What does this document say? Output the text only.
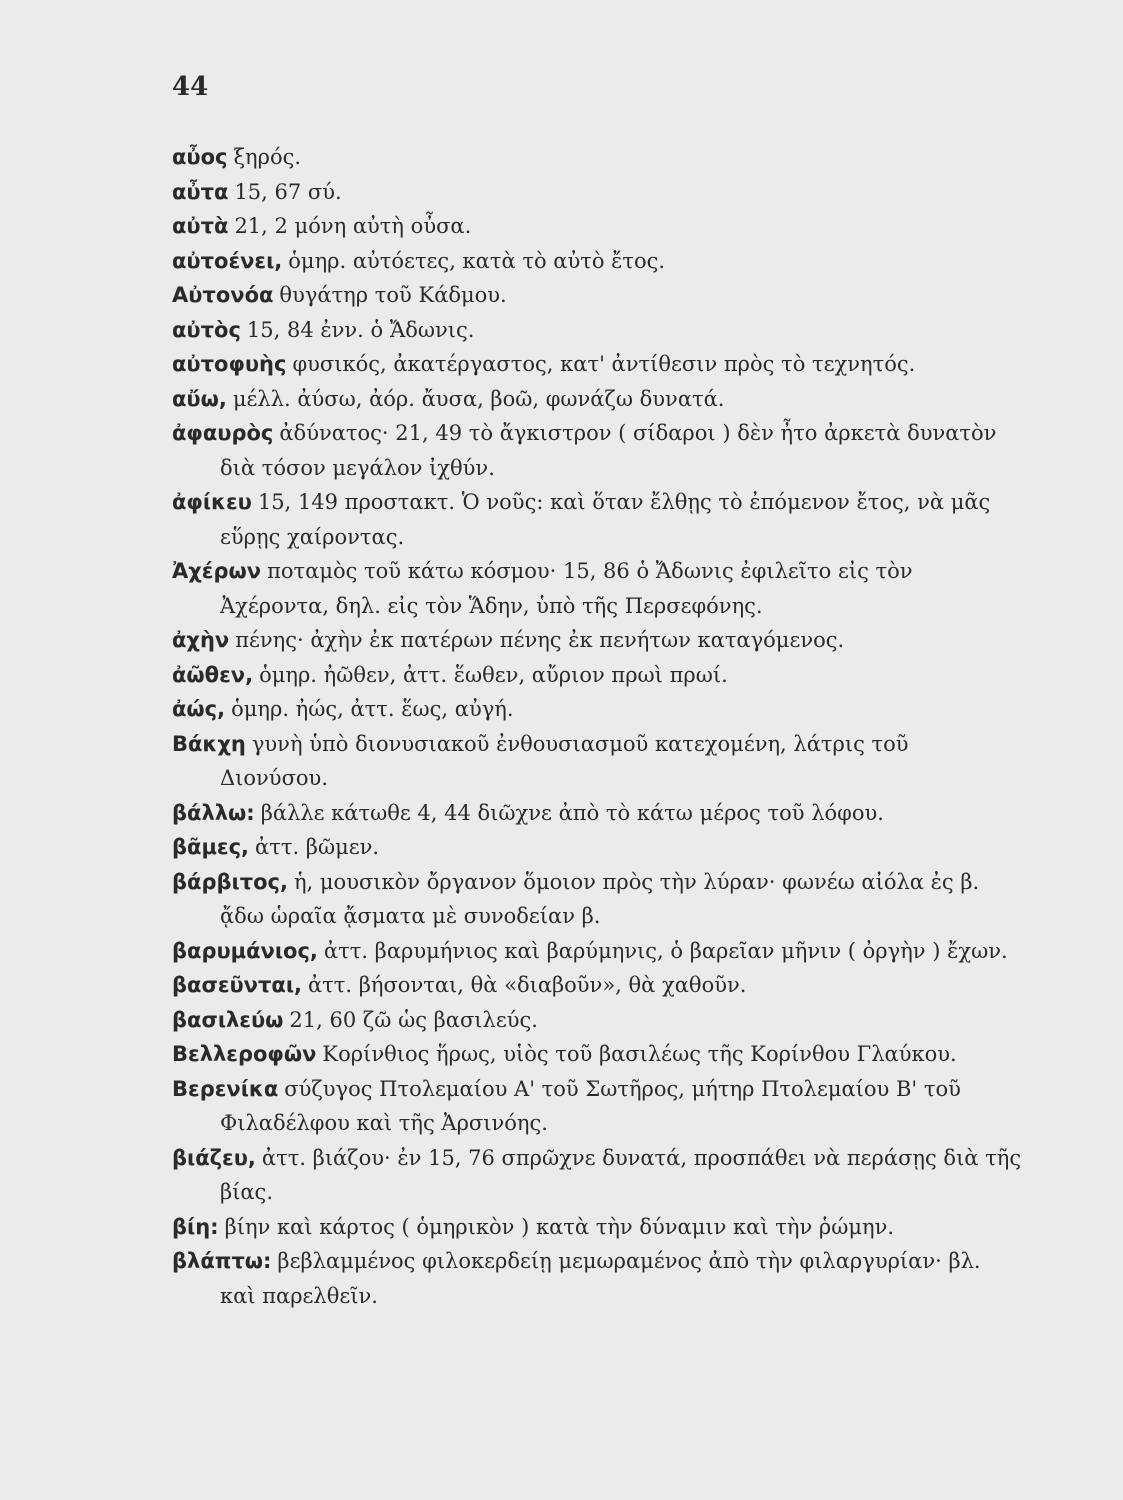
44

αὖος ξηρός.

αὖτα 15, 67 σύ.

αὐτὰ 21, 2 μόνη αὐτὴ οὖσα.

αὐτοένει, ὁμηρ. αὐτόετες, κατὰ τὸ αὐτὸ ἔτος.

Αὐτονόα θυγάτηρ τοῦ Κάδμου.

αὐτὸς 15, 84 ἐνν. ὁ Ἄδωνις.

αὐτοφυὴς φυσικός, ἀκατέργαστος, κατ' ἀντίθεσιν πρὸς τὸ τεχνητός.

αὔω, μέλλ. ἀύσω, ἀόρ. ἄυσα, βοῶ, φωνάζω δυνατά.

ἀφαυρὸς ἀδύνατος· 21, 49 τὸ ἄγκιστρον ( σίδαροι ) δὲν ἦτο ἀρκετὰ δυνατὸν διὰ τόσον μεγάλον ἰχθύν.

ἀφίκευ 15, 149 προστακτ. Ὁ νοῦς: καὶ ὅταν ἔλθῃς τὸ ἐπόμενον ἔτος, νὰ μᾶς εὕρῃς χαίροντας.

Ἀχέρων ποταμὸς τοῦ κάτω κόσμου· 15, 86 ὁ Ἄδωνις ἐφιλεῖτο εἰς τὸν Ἀχέροντα, δηλ. εἰς τὸν Ἅδην, ὑπὸ τῆς Περσεφόνης.

ἀχὴν πένης· ἀχὴν ἐκ πατέρων πένης ἐκ πενήτων καταγόμενος.

ἀῶθεν, ὁμηρ. ἠῶθεν, ἀττ. ἕωθεν, αὔριον πρωὶ πρωί.

ἀώς, ὁμηρ. ἠώς, ἀττ. ἕως, αὐγή.

Βάκχη γυνὴ ὑπὸ διονυσιακοῦ ἐνθουσιασμοῦ κατεχομένη, λάτρις τοῦ Διονύσου.

βάλλω: βάλλε κάτωθε 4, 44 διῶχνε ἀπὸ τὸ κάτω μέρος τοῦ λόφου.

βᾶμες, ἀττ. βῶμεν.

βάρβιτος, ἡ, μουσικὸν ὄργανον ὅμοιον πρὸς τὴν λύραν· φωνέω αἰόλα ἐς β. ᾄδω ὡραῖα ᾄσματα μὲ συνοδείαν β.

βαρυμάνιος, ἀττ. βαρυμήνιος καὶ βαρύμηνις, ὁ βαρεῖαν μῆνιν ( ὀργὴν ) ἔχων.

βασεῦνται, ἀττ. βήσονται, θὰ «διαβοῦν», θὰ χαθοῦν.

βασιλεύω 21, 60 ζῶ ὡς βασιλεύς.

Βελλεροφῶν Κορίνθιος ἥρως, υἱὸς τοῦ βασιλέως τῆς Κορίνθου Γλαύκου.

Βερενίκα σύζυγος Πτολεμαίου Α' τοῦ Σωτῆρος, μήτηρ Πτολεμαίου Β' τοῦ Φιλαδέλφου καὶ τῆς Ἀρσινόης.

βιάζευ, ἀττ. βιάζου· ἐν 15, 76 σπρῶχνε δυνατά, προσπάθει νὰ περάσῃς διὰ τῆς βίας.

βίη: βίην καὶ κάρτος ( ὁμηρικὸν ) κατὰ τὴν δύναμιν καὶ τὴν ῥώμην.

βλάπτω: βεβλαμμένος φιλοκερδείῃ μεμωραμένος ἀπὸ τὴν φιλαργυρίαν· βλ. καὶ παρελθεῖν.
